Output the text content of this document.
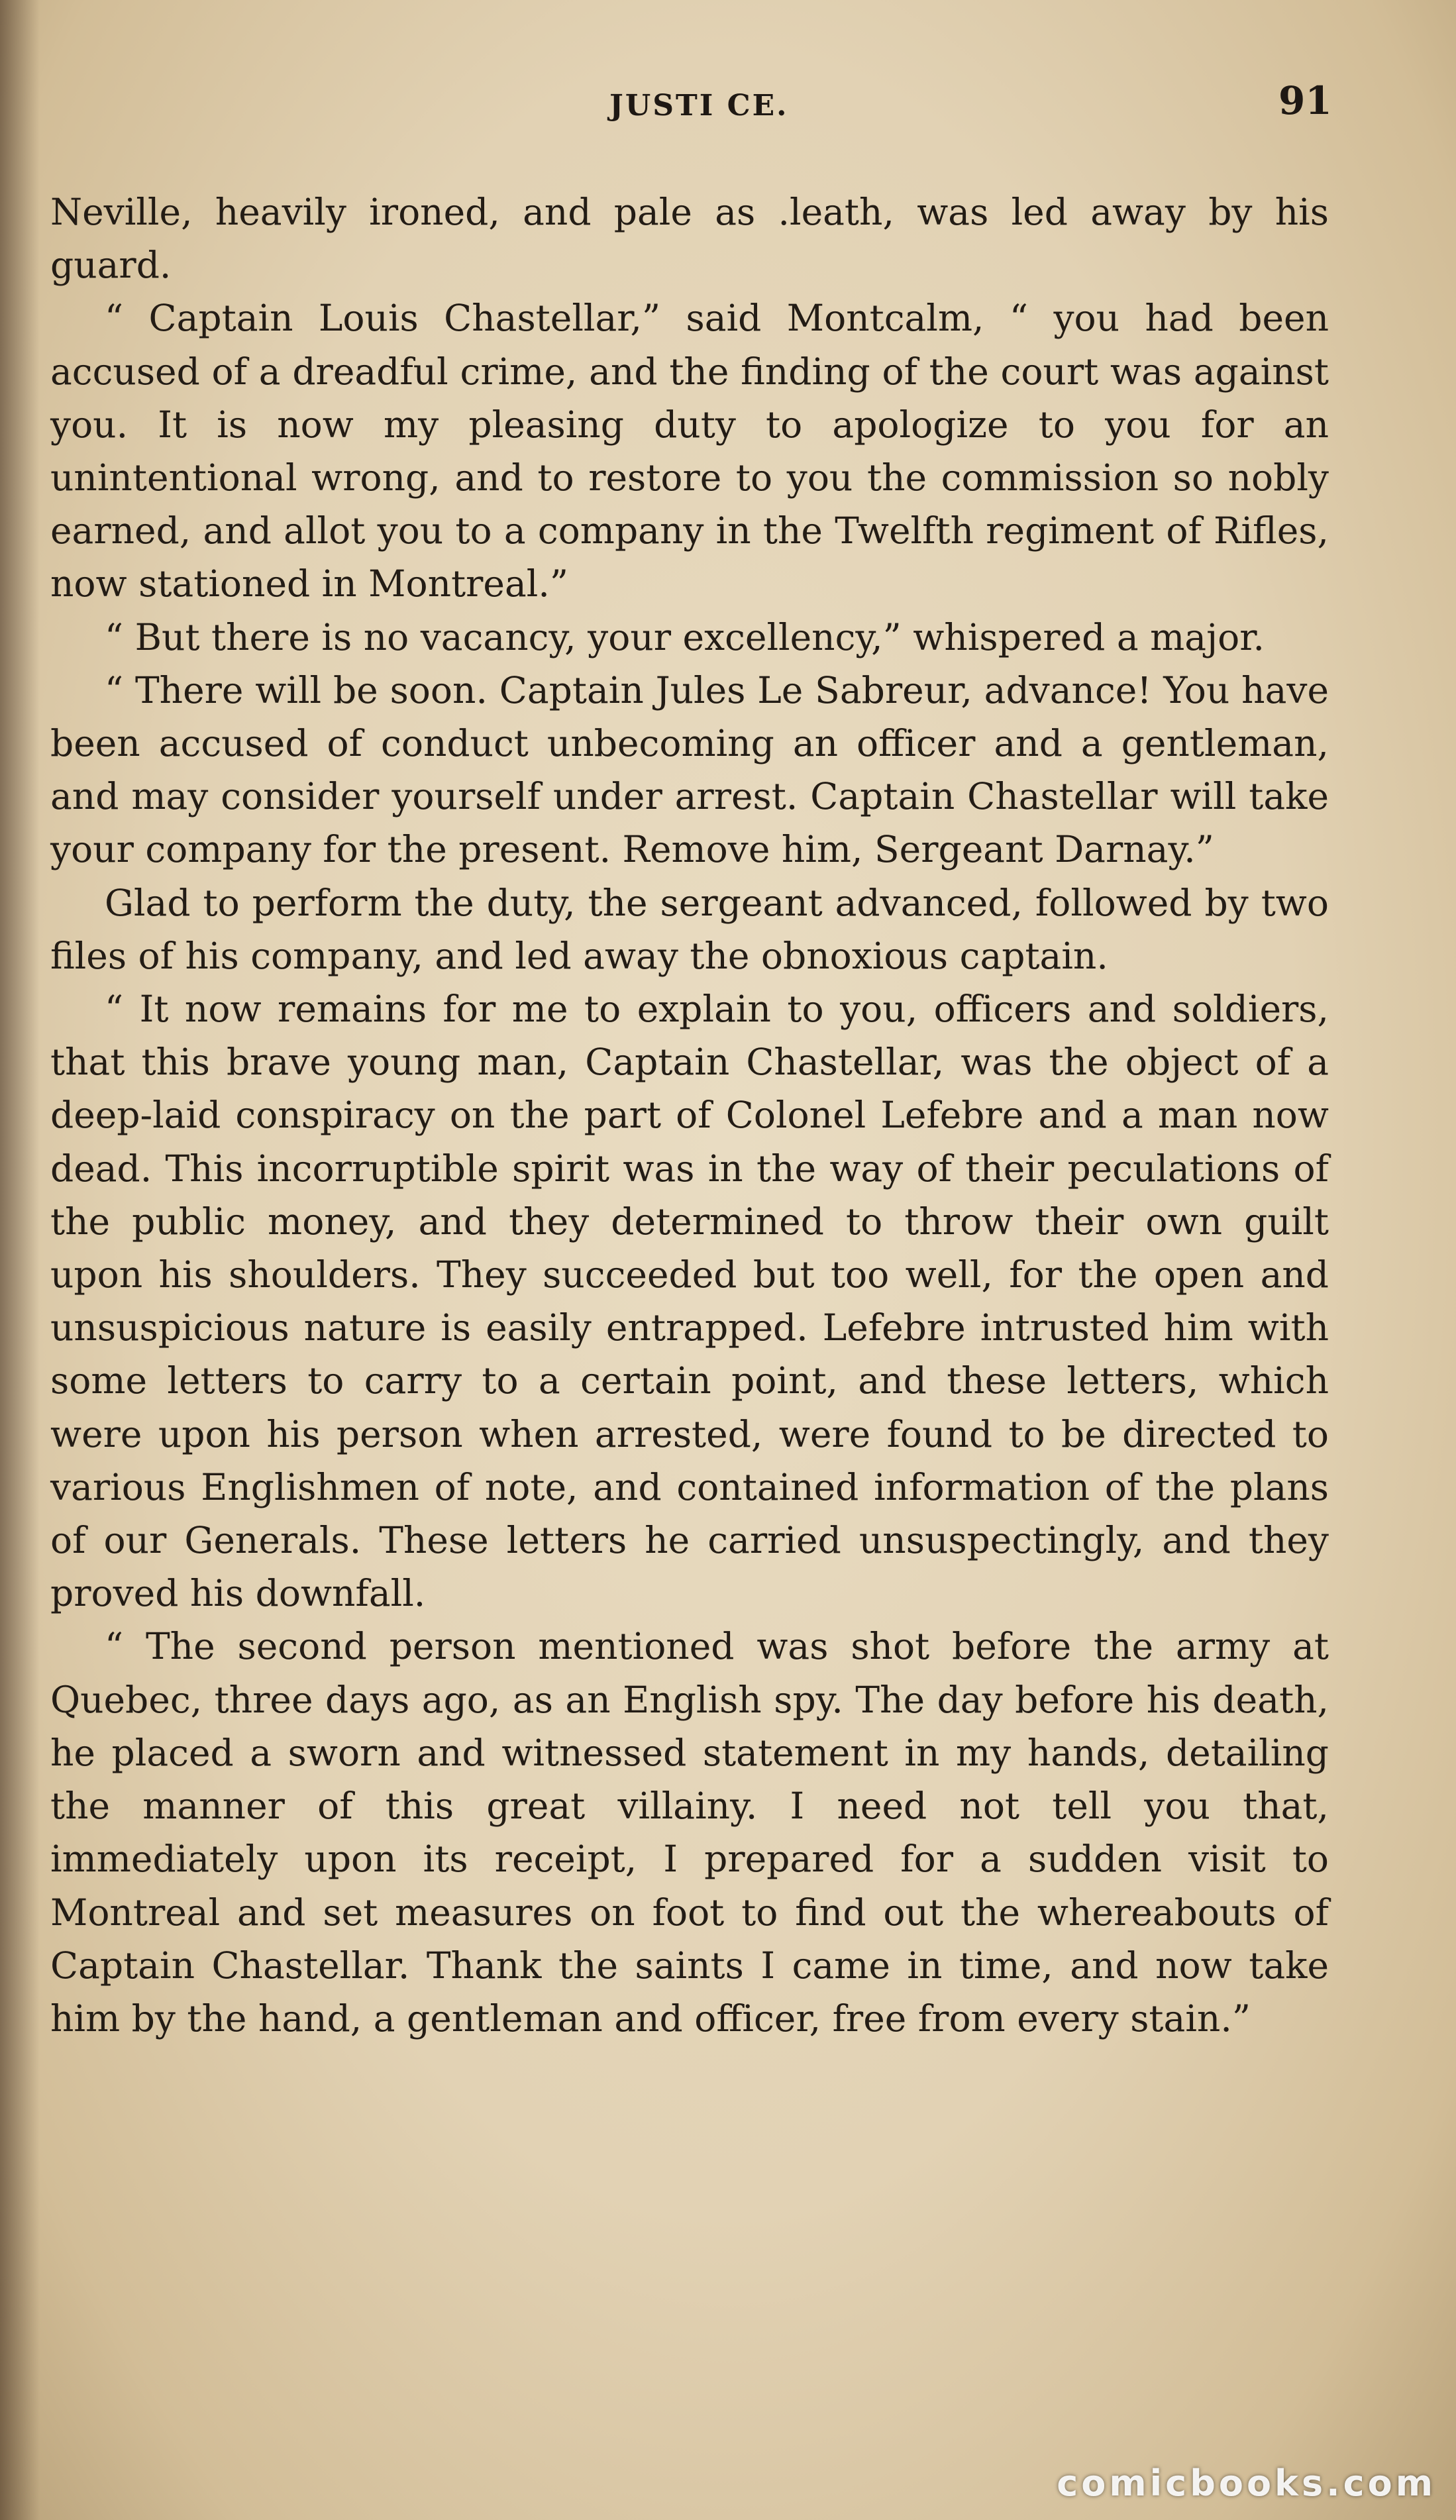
JUSTI CE.	91

Neville, heavily ironed, and pale as .leath, was led away by his guard.

“ Captain Louis Chastellar,” said Montcalm, “ you had been accused of a dreadful crime, and the finding of the court was against you. It is now my pleasing duty to apologize to you for an unintentional wrong, and to restore to you the commission so nobly earned, and allot you to a company in the Twelfth regiment of Rifles, now stationed in Montreal.”

“ But there is no vacancy, your excellency,” whispered a major.

“ There will be soon. Captain Jules Le Sabreur, advance! You have been accused of conduct unbecoming an officer and a gentleman, and may consider yourself under arrest. Captain Chastellar will take your company for the present. Remove him, Sergeant Darnay.”

Glad to perform the duty, the sergeant advanced, followed by two files of his company, and led away the obnoxious captain.

“ It now remains for me to explain to you, officers and soldiers, that this brave young man, Captain Chastellar, was the object of a deep-laid conspiracy on the part of Colonel Lefebre and a man now dead. This incorruptible spirit was in the way of their peculations of the public money, and they determined to throw their own guilt upon his shoulders. They succeeded but too well, for the open and unsuspicious nature is easily entrapped. Lefebre intrusted him with some letters to carry to a certain point, and these letters, which were upon his person when arrested, were found to be directed to various Englishmen of note, and contained information of the plans of our Generals. These letters he carried unsuspectingly, and they proved his downfall.

“ The second person mentioned was shot before the army at Quebec, three days ago, as an English spy. The day before his death, he placed a sworn and witnessed statement in my hands, detailing the manner of this great villainy. I need not tell you that, immediately upon its receipt, I prepared for a sudden visit to Montreal and set measures on foot to find out the whereabouts of Captain Chastellar. Thank the saints I came in time, and now take him by the hand, a gentleman and officer, free from every stain.”

comicbooks.com
